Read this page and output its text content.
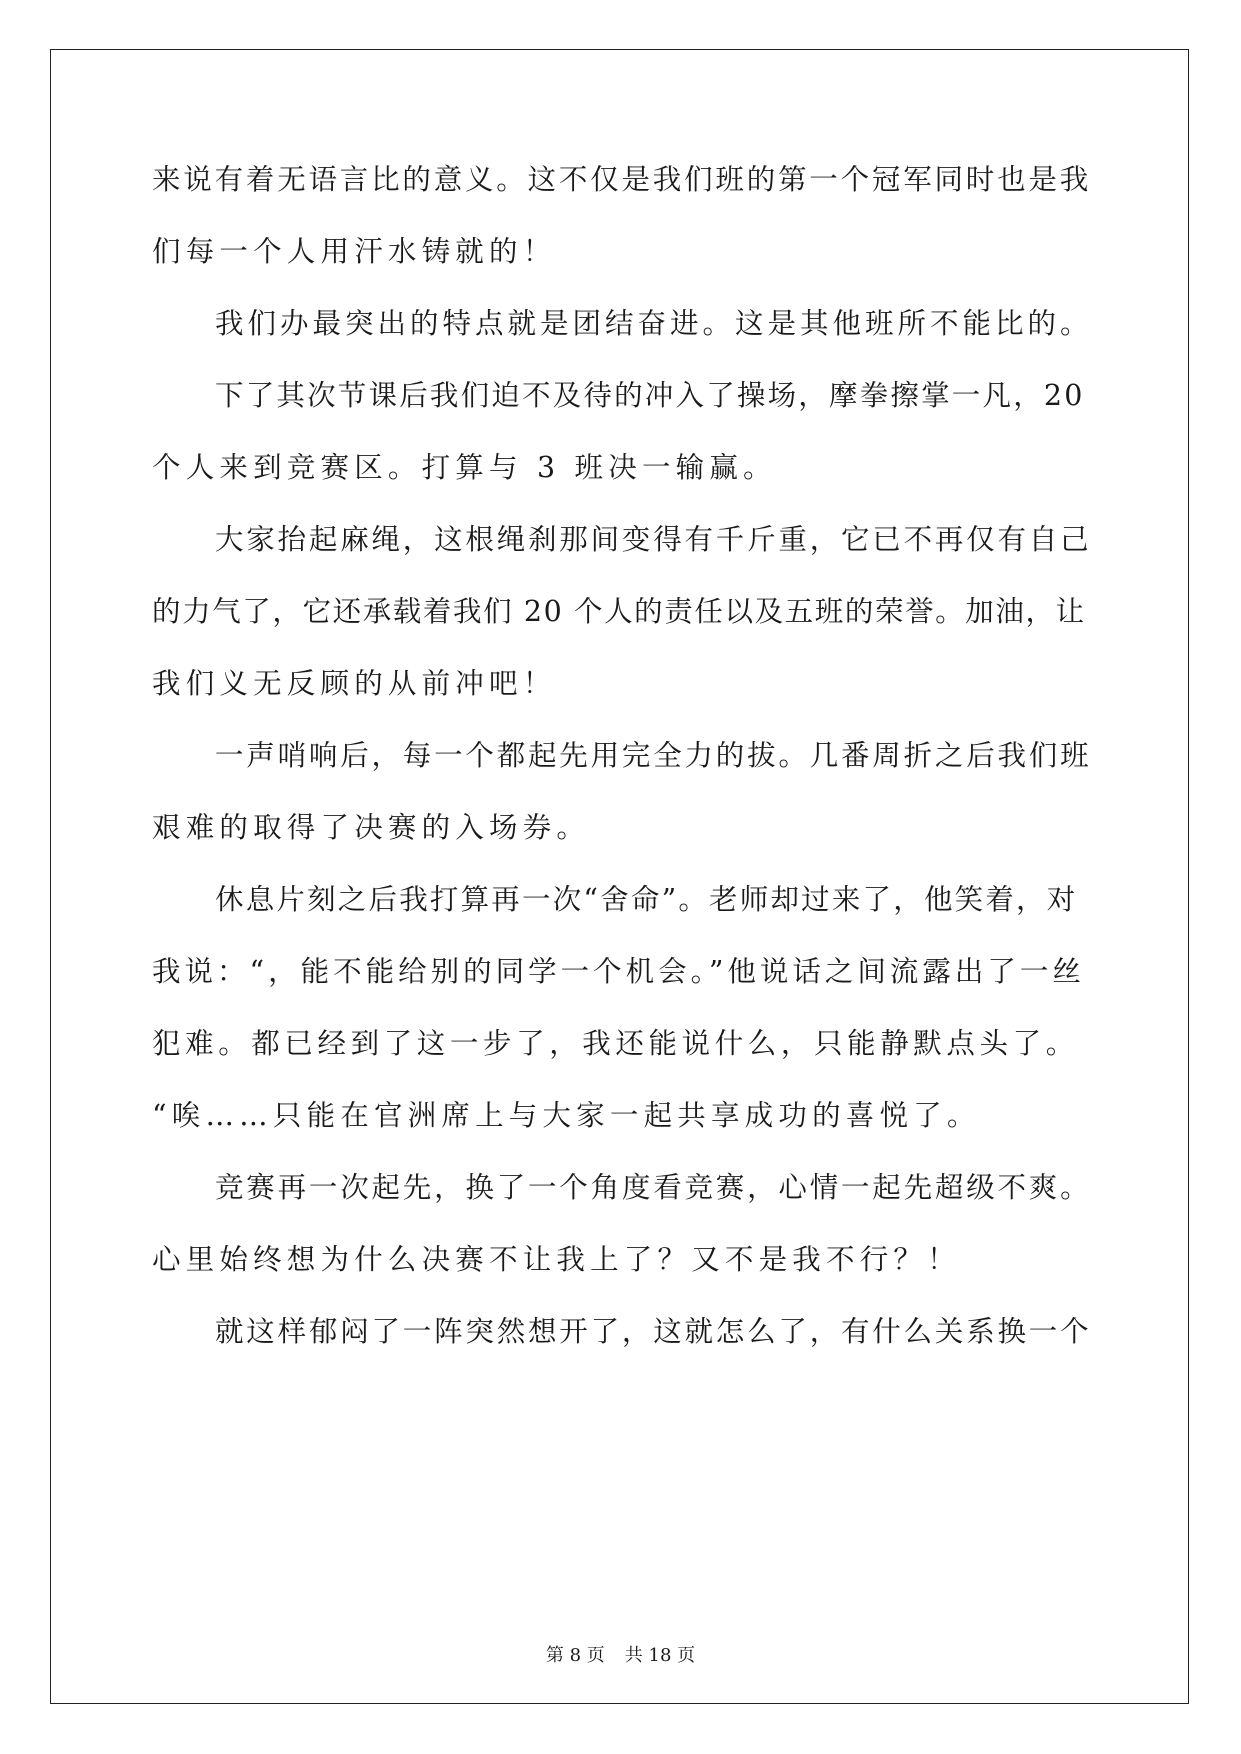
来说有着无语言比的意义。这不仅是我们班的第一个冠军同时也是我
们每一个人用汗水铸就的！
我们办最突出的特点就是团结奋进。这是其他班所不能比的。
下了其次节课后我们迫不及待的冲入了操场，摩拳擦掌一凡，20
个人来到竞赛区。打算与 3 班决一输赢。
大家抬起麻绳，这根绳刹那间变得有千斤重，它已不再仅有自己
的力气了，它还承载着我们 20 个人的责任以及五班的荣誉。加油，让
我们义无反顾的从前冲吧！
一声哨响后，每一个都起先用完全力的拔。几番周折之后我们班
艰难的取得了决赛的入场券。
休息片刻之后我打算再一次“舍命”。老师却过来了，他笑着，对
我说：“，能不能给别的同学一个机会。”他说话之间流露出了一丝
犯难。都已经到了这一步了，我还能说什么，只能静默点头了。
“唉……只能在官洲席上与大家一起共享成功的喜悦了。
竞赛再一次起先，换了一个角度看竞赛，心情一起先超级不爽。
心里始终想为什么决赛不让我上了？又不是我不行？！
就这样郁闷了一阵突然想开了，这就怎么了，有什么关系换一个
第 8 页 共 18 页
